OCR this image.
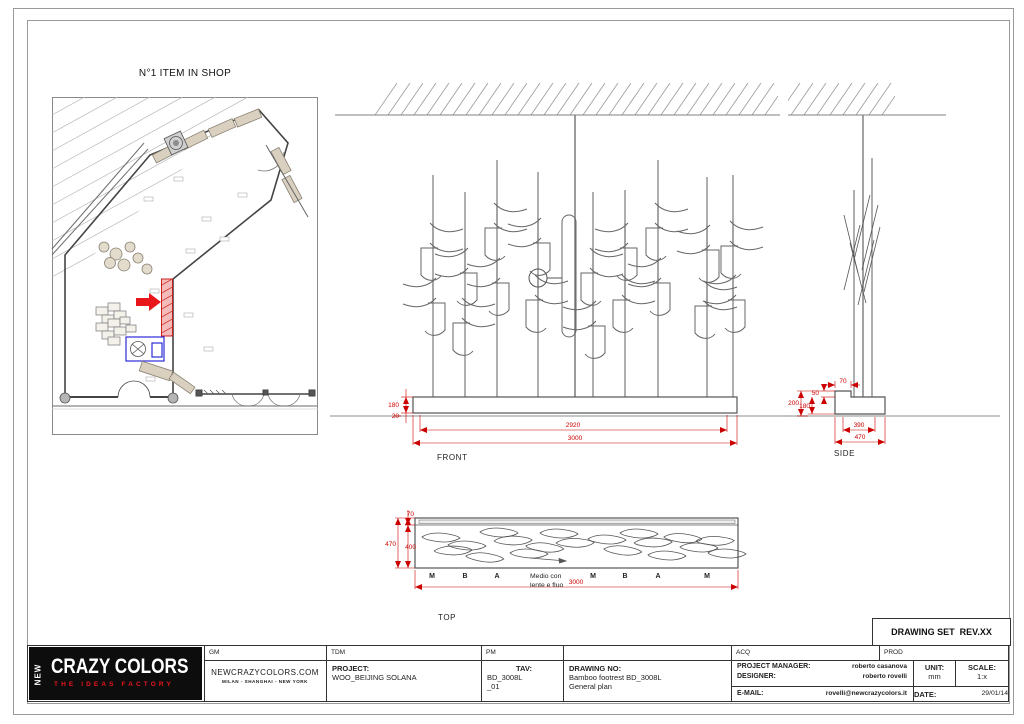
N°1 ITEM IN SHOP
180
20
2920
3000
FRONT
70
50
180
200
390
470
SIDE
70
400
470
3000
M	B	A	Medio con
lente e fluo
M	B	A	M
TOP
DRAWING SET  REV.XX
NEW CRAZY COLORS
THE IDEAS FACTORY
GM	TDM	PM	ACQ	PROD
NEWCRAZYCOLORS.COM
MILAN - SHANGHAI - NEW YORK
PROJECT:
WOO_BEIJING SOLANA
TAV:
BD_3008L
_01
DRAWING NO:
Bamboo footrest BD_3008L
General plan
PROJECT MANAGER:	roberto casanova
DESIGNER:	roberto rovelli
E-MAIL:	rovelli@newcrazycolors.it
UNIT:
mm
SCALE:
1:x
DATE:	29/01/14
